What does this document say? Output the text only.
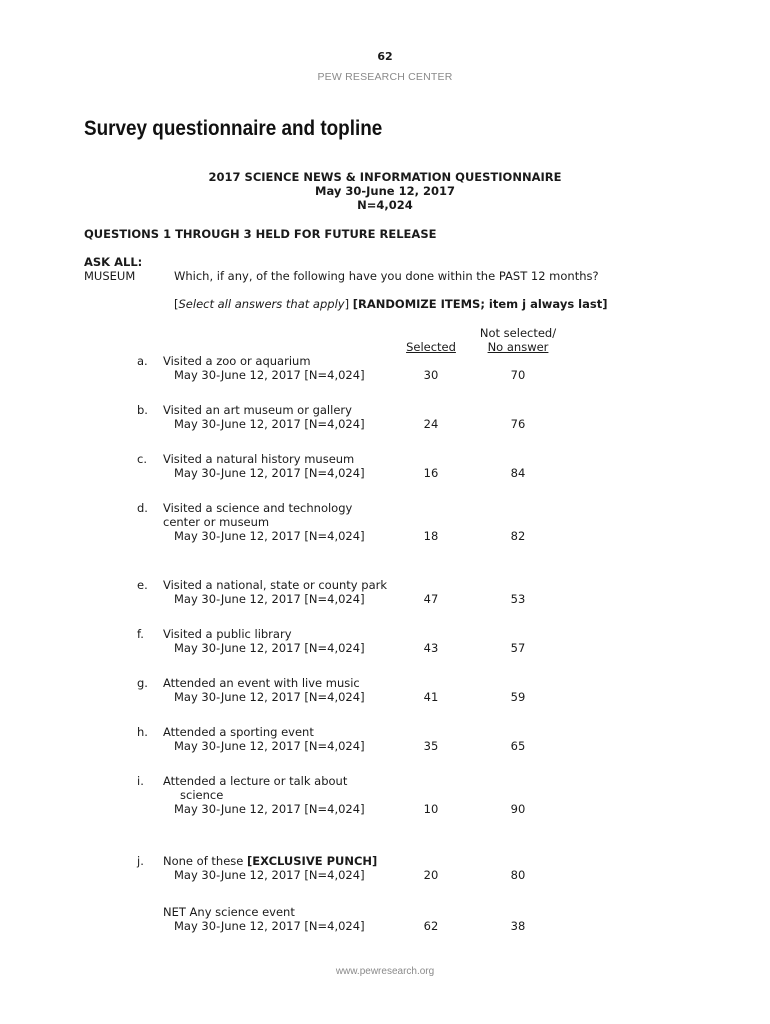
62
PEW RESEARCH CENTER
Survey questionnaire and topline
2017 SCIENCE NEWS & INFORMATION QUESTIONNAIRE
May 30-June 12, 2017
N=4,024
QUESTIONS 1 THROUGH 3 HELD FOR FUTURE RELEASE
ASK ALL:
MUSEUM	Which, if any, of the following have you done within the PAST 12 months?
[Select all answers that apply] [RANDOMIZE ITEMS; item j always last]
Not selected/
Selected	No answer
a. Visited a zoo or aquarium
May 30-June 12, 2017 [N=4,024]	30	70
b. Visited an art museum or gallery
May 30-June 12, 2017 [N=4,024]	24	76
c. Visited a natural history museum
May 30-June 12, 2017 [N=4,024]	16	84
d. Visited a science and technology
center or museum
May 30-June 12, 2017 [N=4,024]	18	82
e. Visited a national, state or county park
May 30-June 12, 2017 [N=4,024]	47	53
f. Visited a public library
May 30-June 12, 2017 [N=4,024]	43	57
g. Attended an event with live music
May 30-June 12, 2017 [N=4,024]	41	59
h. Attended a sporting event
May 30-June 12, 2017 [N=4,024]	35	65
i. Attended a lecture or talk about
science
May 30-June 12, 2017 [N=4,024]	10	90
j. None of these [EXCLUSIVE PUNCH]
May 30-June 12, 2017 [N=4,024]	20	80
NET Any science event
May 30-June 12, 2017 [N=4,024]	62	38
www.pewresearch.org
